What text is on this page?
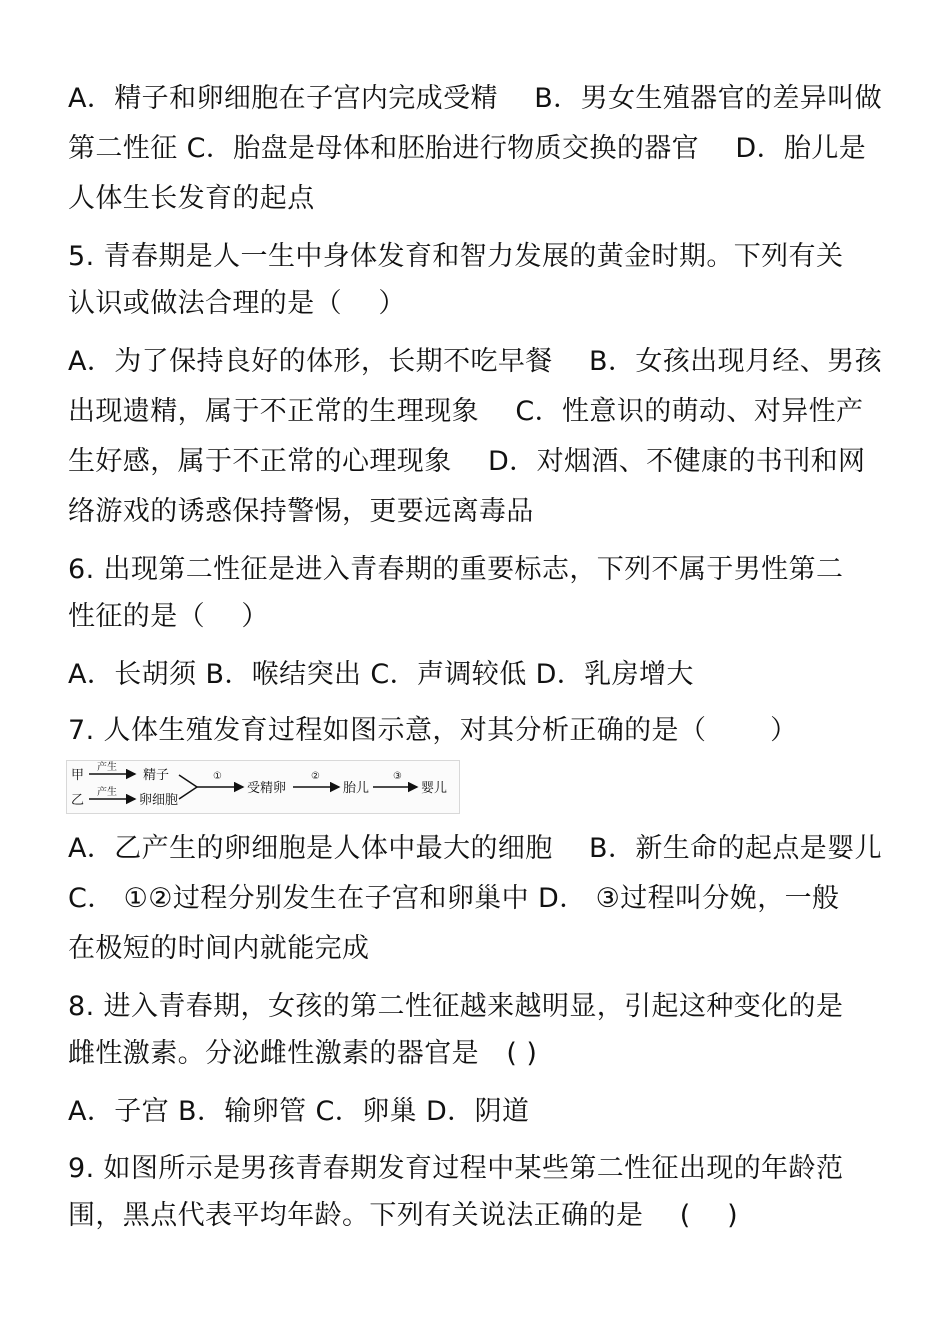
A．精子和卵细胞在子宫内完成受精　 B．男女生殖器官的差异叫做
第二性征 C．胎盘是母体和胚胎进行物质交换的器官　 D．胎儿是
人体生长发育的起点
5. 青春期是人一生中身体发育和智力发展的黄金时期。下列有关
认识或做法合理的是（　 ）
A．为了保持良好的体形，长期不吃早餐　 B．女孩出现月经、男孩
出现遗精，属于不正常的生理现象　 C．性意识的萌动、对异性产
生好感，属于不正常的心理现象　 D．对烟酒、不健康的书刊和网
络游戏的诱惑保持警惕，更要远离毒品
6. 出现第二性征是进入青春期的重要标志，下列不属于男性第二
性征的是（　 ）
A．长胡须 B．喉结突出 C．声调较低 D．乳房增大
7. 人体生殖发育过程如图示意，对其分析正确的是（　　 ）
甲
乙
产生
产生
精子
卵细胞
①
受精卵
②
胎儿
③
婴儿
A．乙产生的卵细胞是人体中最大的细胞　 B．新生命的起点是婴儿
C． ①②过程分别发生在子宫和卵巢中 D． ③过程叫分娩，一般
在极短的时间内就能完成
8. 进入青春期，女孩的第二性征越来越明显，引起这种变化的是
雌性激素。分泌雌性激素的器官是　( )
A．子宫 B．输卵管 C．卵巢 D．阴道
9. 如图所示是男孩青春期发育过程中某些第二性征出现的年龄范
围，黑点代表平均年龄。下列有关说法正确的是　 (　 )
